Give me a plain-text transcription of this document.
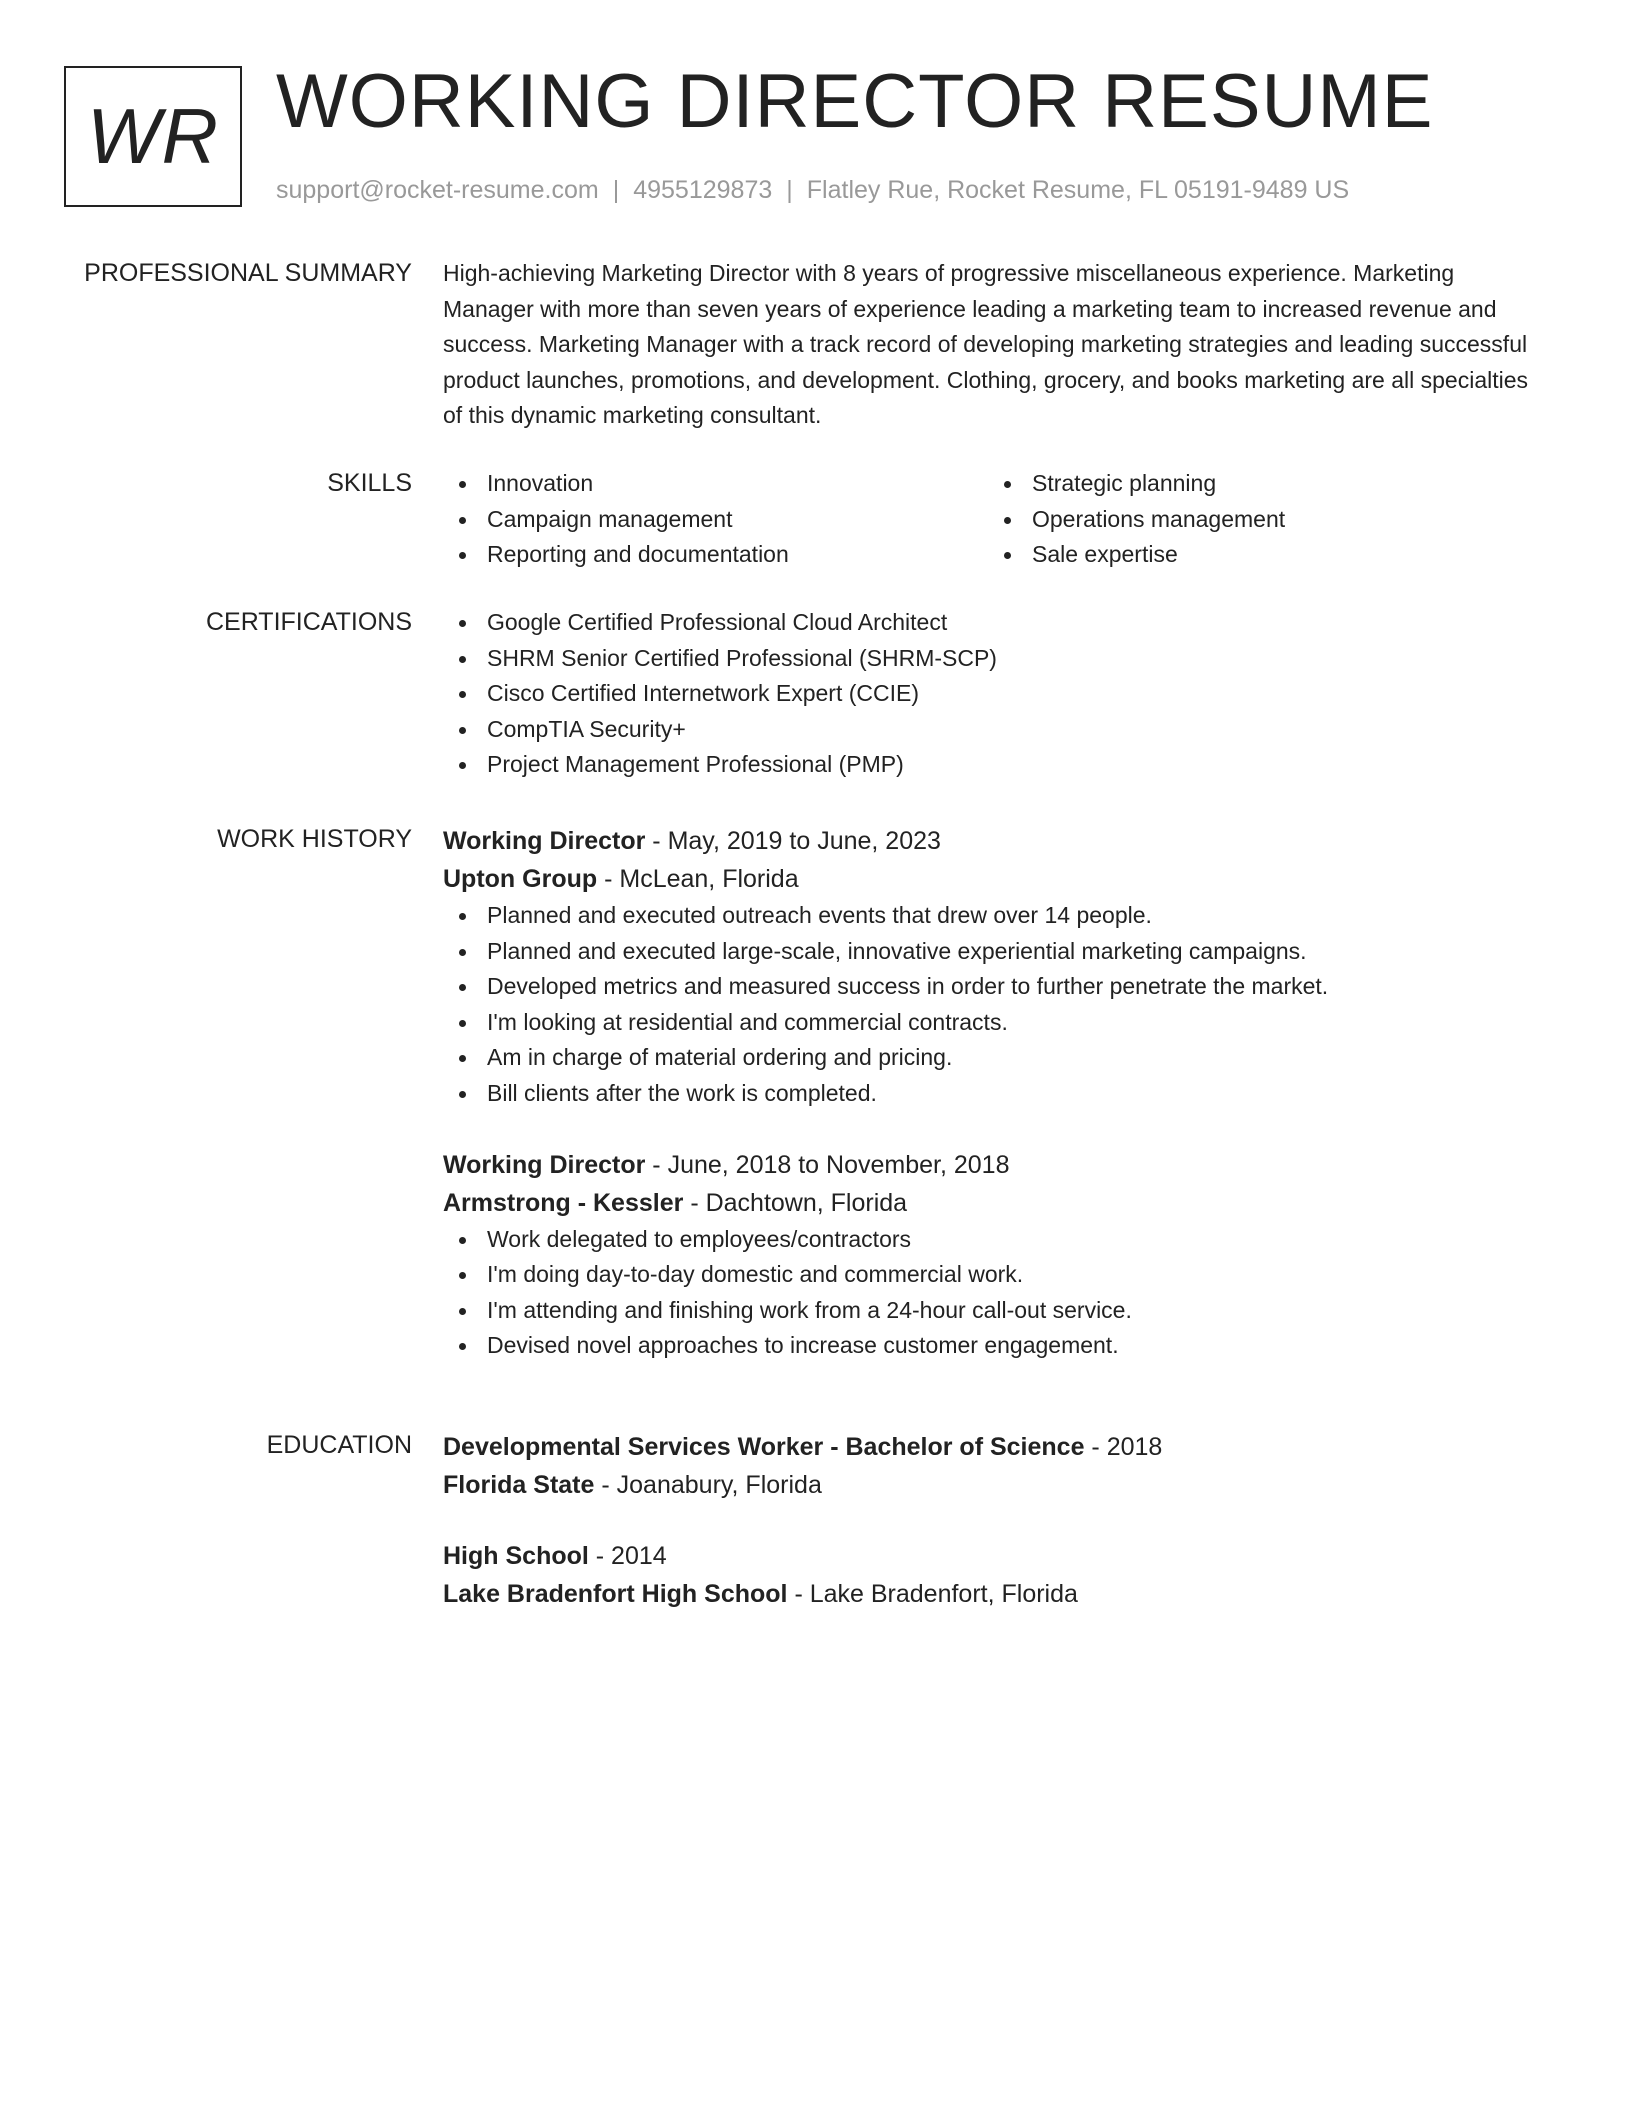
WR WORKING DIRECTOR RESUME
support@rocket-resume.com | 4955129873 | Flatley Rue, Rocket Resume, FL 05191-9489 US
PROFESSIONAL SUMMARY High-achieving Marketing Director with 8 years of progressive miscellaneous experience. Marketing Manager with more than seven years of experience leading a marketing team to increased revenue and success. Marketing Manager with a track record of developing marketing strategies and leading successful product launches, promotions, and development. Clothing, grocery, and books marketing are all specialties of this dynamic marketing consultant.

SKILLS	Innovation
Campaign management
Reporting and documentation
Strategic planning
Operations management
Sale expertise
CERTIFICATIONS	Google Certified Professional Cloud Architect
SHRM Senior Certified Professional (SHRM-SCP)
Cisco Certified Internetwork Expert (CCIE)
CompTIA Security+
Project Management Professional (PMP)
WORK HISTORY Working Director - May, 2019 to June, 2023
Upton Group - McLean, Florida
Planned and executed outreach events that drew over 14 people.
Planned and executed large-scale, innovative experiential marketing campaigns.
Developed metrics and measured success in order to further penetrate the market.
I'm looking at residential and commercial contracts.
Am in charge of material ordering and pricing.
Bill clients after the work is completed.
Working Director - June, 2018 to November, 2018
Armstrong - Kessler - Dachtown, Florida
Work delegated to employees/contractors
I'm doing day-to-day domestic and commercial work.
I'm attending and finishing work from a 24-hour call-out service.
Devised novel approaches to increase customer engagement.
EDUCATION Developmental Services Worker - Bachelor of Science - 2018
Florida State - Joanabury, Florida
High School - 2014
Lake Bradenfort High School - Lake Bradenfort, Florida
